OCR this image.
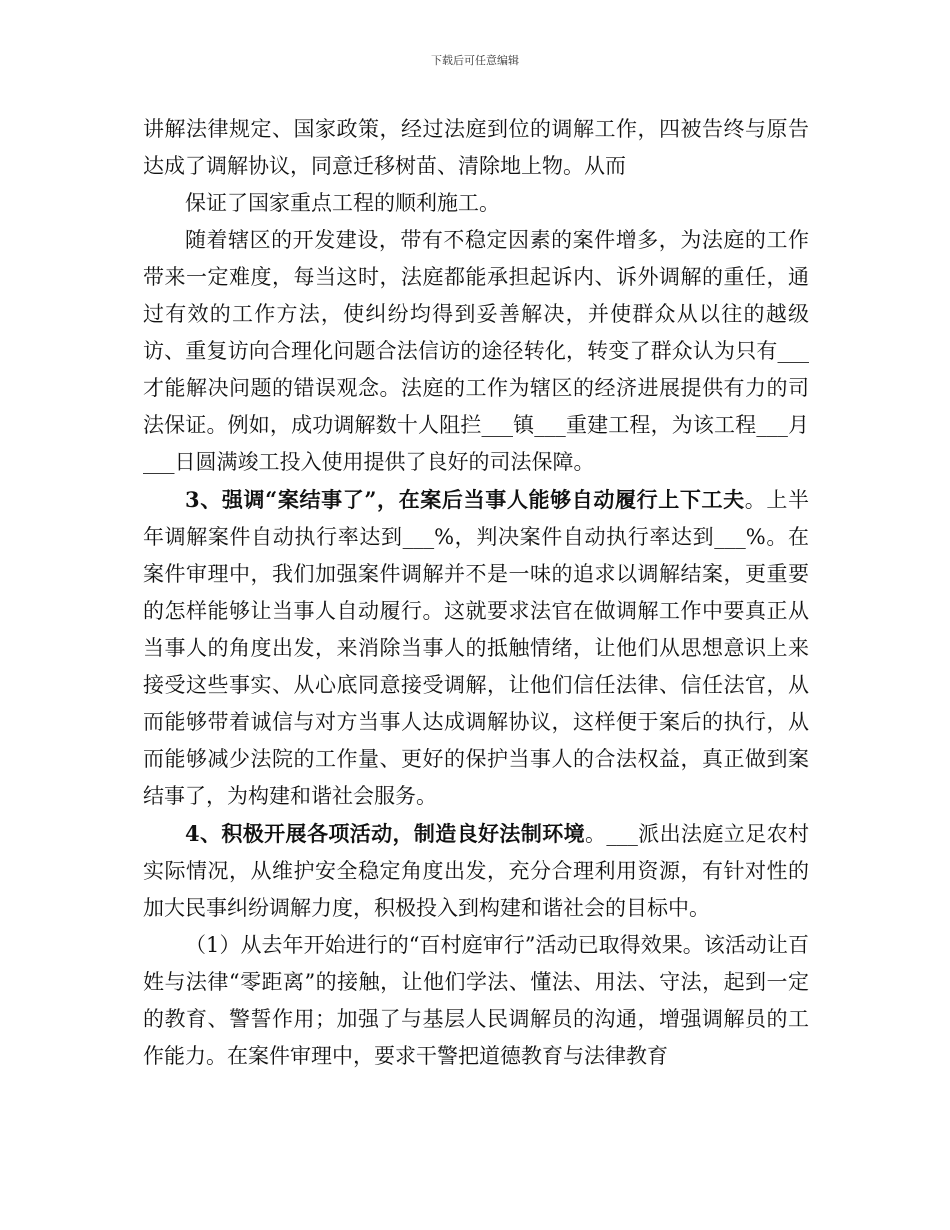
下载后可任意编辑

讲解法律规定、国家政策，经过法庭到位的调解工作，四被告终与原告达成了调解协议，同意迁移树苗、清除地上物。从而

保证了国家重点工程的顺利施工。

随着辖区的开发建设，带有不稳定因素的案件增多，为法庭的工作带来一定难度，每当这时，法庭都能承担起诉内、诉外调解的重任，通过有效的工作方法，使纠纷均得到妥善解决，并使群众从以往的越级访、重复访向合理化问题合法信访的途径转化，转变了群众认为只有___才能解决问题的错误观念。法庭的工作为辖区的经济进展提供有力的司法保证。例如，成功调解数十人阻拦___镇___重建工程，为该工程___月___日圆满竣工投入使用提供了良好的司法保障。

3、强调“案结事了”，在案后当事人能够自动履行上下工夫。上半年调解案件自动执行率达到___%，判决案件自动执行率达到___%。在案件审理中，我们加强案件调解并不是一味的追求以调解结案，更重要的怎样能够让当事人自动履行。这就要求法官在做调解工作中要真正从当事人的角度出发，来消除当事人的抵触情绪，让他们从思想意识上来接受这些事实、从心底同意接受调解，让他们信任法律、信任法官，从而能够带着诚信与对方当事人达成调解协议，这样便于案后的执行，从而能够减少法院的工作量、更好的保护当事人的合法权益，真正做到案结事了，为构建和谐社会服务。

4、积极开展各项活动，制造良好法制环境。___派出法庭立足农村实际情况，从维护安全稳定角度出发，充分合理利用资源，有针对性的加大民事纠纷调解力度，积极投入到构建和谐社会的目标中。

（1）从去年开始进行的“百村庭审行”活动已取得效果。该活动让百姓与法律“零距离”的接触，让他们学法、懂法、用法、守法，起到一定的教育、警誓作用；加强了与基层人民调解员的沟通，增强调解员的工作能力。在案件审理中，要求干警把道德教育与法律教育
